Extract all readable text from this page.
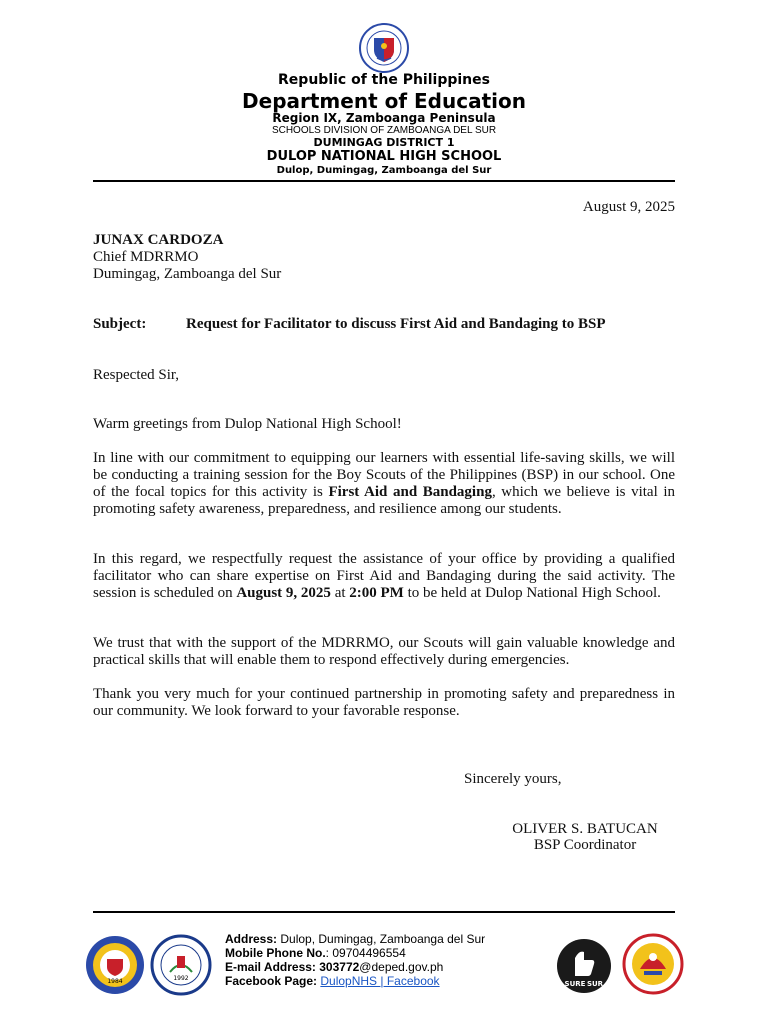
Republic of the Philippines
Department of Education
Region IX, Zamboanga Peninsula
SCHOOLS DIVISION OF ZAMBOANGA DEL SUR
DUMINGAG DISTRICT 1
DULOP NATIONAL HIGH SCHOOL
Dulop, Dumingag, Zamboanga del Sur
August 9, 2025
JUNAX CARDOZA
Chief MDRRMO
Dumingag, Zamboanga del Sur
Subject:	Request for Facilitator to discuss First Aid and Bandaging to BSP
Respected Sir,
Warm greetings from Dulop National High School!
In line with our commitment to equipping our learners with essential life-saving skills, we will be conducting a training session for the Boy Scouts of the Philippines (BSP) in our school. One of the focal topics for this activity is First Aid and Bandaging, which we believe is vital in promoting safety awareness, preparedness, and resilience among our students.
In this regard, we respectfully request the assistance of your office by providing a qualified facilitator who can share expertise on First Aid and Bandaging during the said activity. The session is scheduled on August 9, 2025 at 2:00 PM to be held at Dulop National High School.
We trust that with the support of the MDRRMO, our Scouts will gain valuable knowledge and practical skills that will enable them to respond effectively during emergencies.
Thank you very much for your continued partnership in promoting safety and preparedness in our community. We look forward to your favorable response.
Sincerely yours,
OLIVER S. BATUCAN
BSP Coordinator
1984	1992
Address: Dulop, Dumingag, Zamboanga del Sur
Mobile Phone No.: 09704496554
E-mail Address: 303772@deped.gov.ph
Facebook Page: DulopNHS | Facebook	SURE SUR
